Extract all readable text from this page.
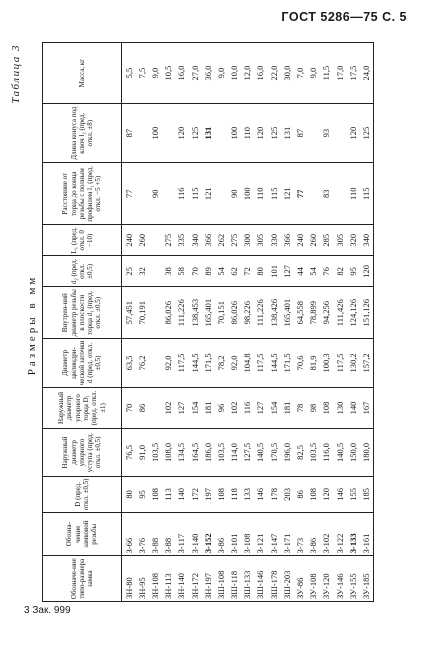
ГОСТ 5286—75 С. 5
Таблица 3
Размеры в мм
Обозначе-ние типо-размера замка	Обозна-чение замковой резьбы	D (пред. откл. ±0,5)	Наружный диаметр упорного уступа (пред. откл. ±0,5)	Наружный диаметр упорного торца D₁ (пред. откл. ±1)	Диаметр цилиндри-ческой заточки d (пред. откл. ±0,5)	Внутрен-ний диаметр резьбы в плоскости торца d₁ (пред. откл. ±0,5)	d₂ (пред. откл. ±0,5)	L₁ (пред. откл. 0 −10)	Расстояние от торца до конца резьбы с полным профилем l₁ (пред. откл. −5 +5)	Длина конуса под ключ l₂ (пред. откл. ±8)	Масса, кг
ЗН-80	З-66	80	76,5	70	63,5	57,451	25	240	77	87	5,5
ЗН-95	З-76	95	91,0	86	76,2	70,191	32	260			7,5
ЗН-108	З-88	108	103,5						90	100	9,0
ЗН-113	З-88	113	108,0	102	92,0	86,026	38	275			10,5
ЗН-140	З-117	140	134,5	127	117,5	111,226	58	335	116	120	16,0
ЗН-172	З-140	172	164,5	154	144,5	138,453	70	340	115	125	27,0
ЗН-197	З-152	197	186,0	181	171,5	165,401	89	366	121	131	36,0
ЗШ-108	З-86	108	103,5	96	78,2	70,151	54	262			9,0
ЗШ-118	З-101	118	114,0	102	92,0	86,026	62	275	90	100	10,0
ЗШ-133	З-108	133	127,5	116	104,8	98,226	72	300	100	110	12,0
ЗШ-146	З-121	146	140,5	127	117,5	111,226	80	305	110	120	16,0
ЗШ-178	З-147	178	170,5	154	144,5	138,426	101	330	115	125	22,0
ЗШ-203	З-171	203	196,0	181	171,5	165,401	127	366	121	131	30,0
ЗУ-86	З-73	86	82,5	78	70,6	64,558	44	240	77	87	7,0
ЗУ-108	З-86	108	103,5	98	81,9	78,899	54	260			9,0
ЗУ-120	З-102	120	116,0	108	100,3	94,256	76	285	83	93	11,5
ЗУ-146	З-122	146	140,5	130	117,5	111,426	82	305			17,0
ЗУ-155	З-133	155	150,0	140	130,2	124,126	95	320	110	120	17,5
ЗУ-185	З-161	185	180,0	167	157,2	151,126	120	340	115	125	24,0
3 Зак. 999
